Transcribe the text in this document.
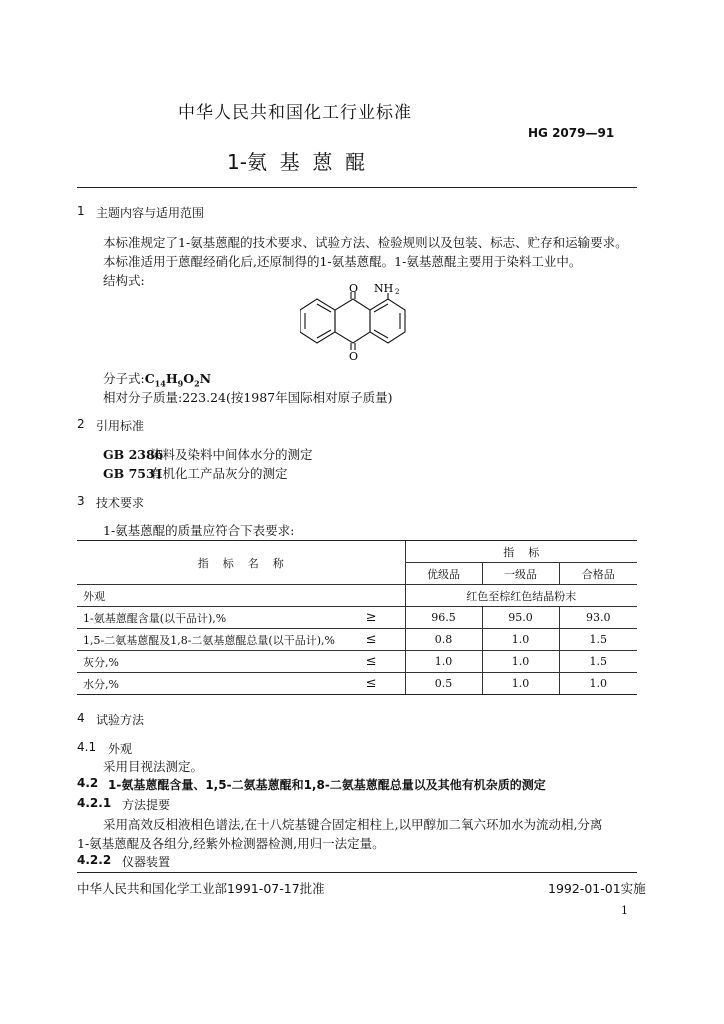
中华人民共和国化工行业标准
HG 2079—91
1-氨  基  蒽  醌
1 主题内容与适用范围
本标准规定了1-氨基蒽醌的技术要求、试验方法、检验规则以及包装、标志、贮存和运输要求。
本标准适用于蒽醌经硝化后,还原制得的1-氨基蒽醌。1-氨基蒽醌主要用于染料工业中。
结构式:
O NH 2
O
分子式$:C_{14}H_9O_2N$
相对分子质量:223.24(按1987年国际相对原子质量)
2 引用标准
GB 2386染料及染料中间体水分的测定
GB 7531有机化工产品灰分的测定
3 技术要求
1-氨基蒽醌的质量应符合下表要求:
指    标    名    称	指    标		
	优级品	一级品	合格品
外观	红色至棕红色结晶粉末		
1-氨基蒽醌含量(以干品计),% ≥	96.5	95.0	93.0
1,5-二氨基蒽醌及1,8-二氨基蒽醌总量(以干品计),% ≤	0.8	1.0	1.5
灰分,% ≤	1.0	1.0	1.5
水分,% ≤	0.5	1.0	1.0
4 试验方法
4.1 外观
采用目视法测定。
4.2 1-氨基蒽醌含量、1,5-二氨基蒽醌和1,8-二氨基蒽醌总量以及其他有机杂质的测定
4.2.1 方法提要
采用高效反相液相色谱法,在十八烷基键合固定相柱上,以甲醇加二氧六环加水为流动相,分离
1-氨基蒽醌及各组分,经紫外检测器检测,用归一法定量。
4.2.2 仪器装置
中华人民共和国化学工业部1991-07-17批准	1992-01-01实施
1
